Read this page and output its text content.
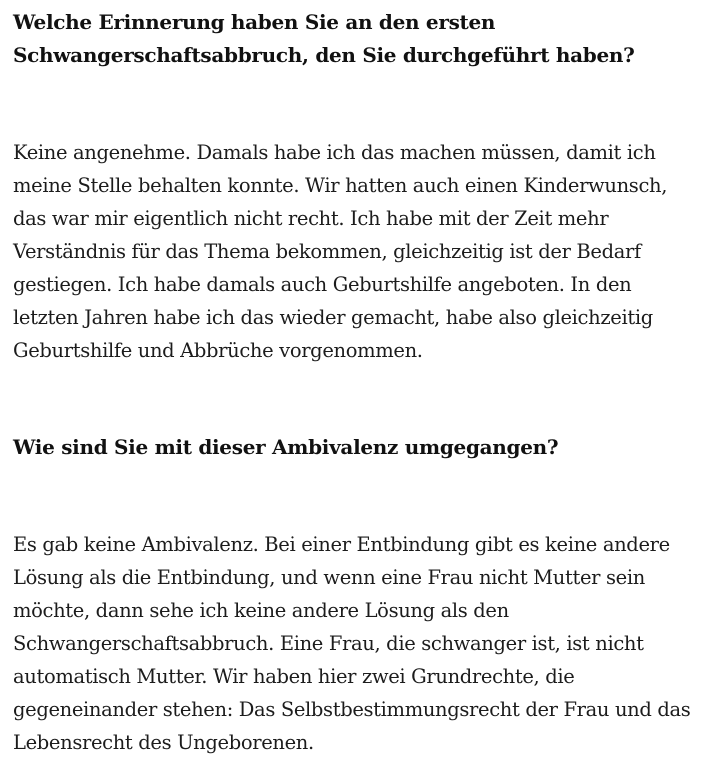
Welche Erinnerung haben Sie an den ersten
Schwangerschaftsabbruch, den Sie durchgeführt haben?

Keine angenehme. Damals habe ich das machen müssen, damit ich
meine Stelle behalten konnte. Wir hatten auch einen Kinderwunsch,
das war mir eigentlich nicht recht. Ich habe mit der Zeit mehr
Verständnis für das Thema bekommen, gleichzeitig ist der Bedarf
gestiegen. Ich habe damals auch Geburtshilfe angeboten. In den
letzten Jahren habe ich das wieder gemacht, habe also gleichzeitig
Geburtshilfe und Abbrüche vorgenommen.

Wie sind Sie mit dieser Ambivalenz umgegangen?

Es gab keine Ambivalenz. Bei einer Entbindung gibt es keine andere
Lösung als die Entbindung, und wenn eine Frau nicht Mutter sein
möchte, dann sehe ich keine andere Lösung als den
Schwangerschaftsabbruch. Eine Frau, die schwanger ist, ist nicht
automatisch Mutter. Wir haben hier zwei Grundrechte, die
gegeneinander stehen: Das Selbstbestimmungsrecht der Frau und das
Lebensrecht des Ungeborenen.
